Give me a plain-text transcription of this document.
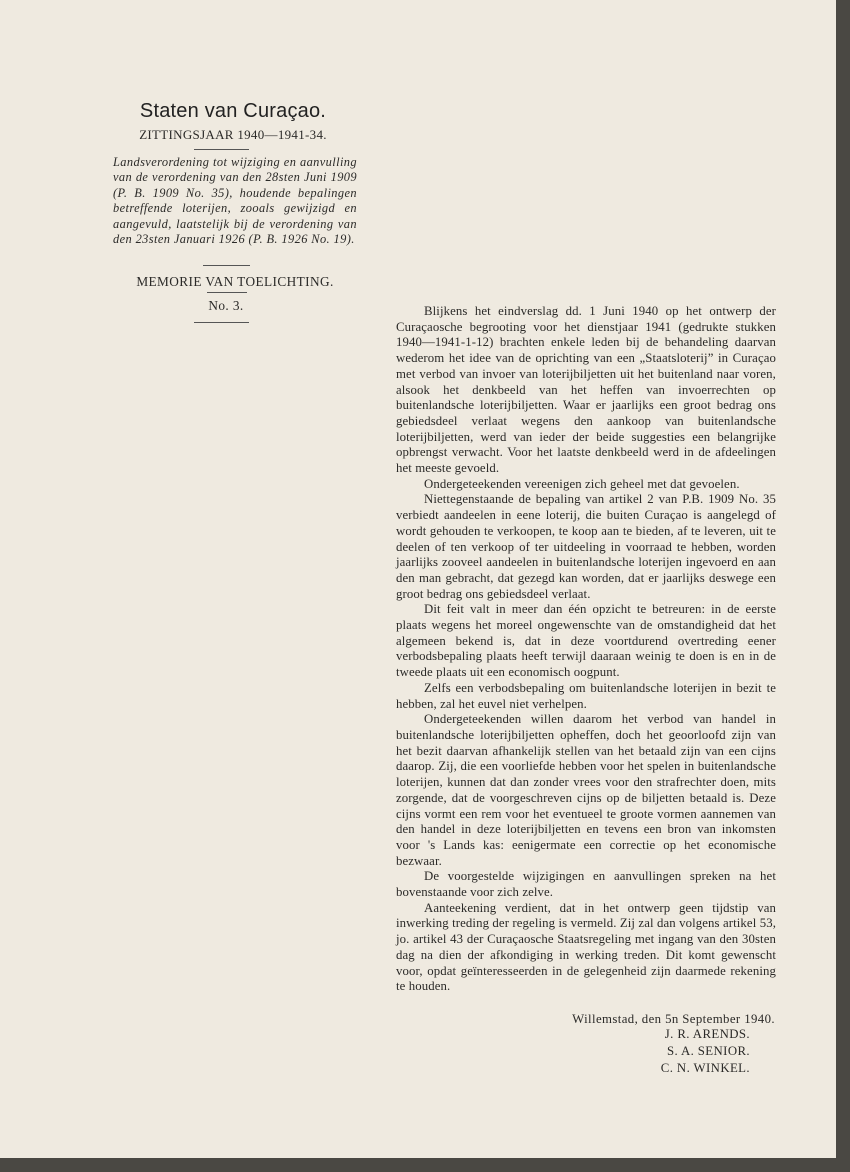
Staten van Curaçao.
ZITTINGSJAAR 1940—1941-34.

Landsverordening tot wijziging en aanvulling van de verordening van den 28sten Juni 1909 (P. B. 1909 No. 35), houdende bepalingen betreffende loterijen, zooals gewijzigd en aangevuld, laatstelijk bij de verordening van den 23sten Januari 1926 (P. B. 1926 No. 19).

MEMORIE VAN TOELICHTING.
No. 3.	Blijkens het eindverslag dd. 1 Juni 1940 op het ontwerp der Curaçaosche begrooting voor het dienstjaar 1941 (gedrukte stukken 1940—1941-1-12) brachten enkele leden bij de behandeling daarvan wederom het idee van de oprichting van een „Staatsloterij” in Curaçao met verbod van invoer van loterijbiljetten uit het buitenland naar voren, alsook het denkbeeld van het heffen van invoerrechten op buitenlandsche loterijbiljetten. Waar er jaarlijks een groot bedrag ons gebiedsdeel verlaat wegens den aankoop van buitenlandsche loterijbiljetten, werd van ieder der beide suggesties een belangrijke opbrengst verwacht. Voor het laatste denkbeeld werd in de afdeelingen het meeste gevoeld.

Ondergeteekenden vereenigen zich geheel met dat gevoelen.

Niettegenstaande de bepaling van artikel 2 van P.B. 1909 No. 35 verbiedt aandeelen in eene loterij, die buiten Curaçao is aangelegd of wordt gehouden te verkoopen, te koop aan te bieden, af te leveren, uit te deelen of ten verkoop of ter uitdeeling in voorraad te hebben, worden jaarlijks zooveel aandeelen in buitenlandsche loterijen ingevoerd en aan den man gebracht, dat gezegd kan worden, dat er jaarlijks deswege een groot bedrag ons gebiedsdeel verlaat.

Dit feit valt in meer dan één opzicht te betreuren: in de eerste plaats wegens het moreel ongewenschte van de omstandigheid dat het algemeen bekend is, dat in deze voortdurend overtreding eener verbodsbepaling plaats heeft terwijl daaraan weinig te doen is en in de tweede plaats uit een economisch oogpunt.

Zelfs een verbodsbepaling om buitenlandsche loterijen in bezit te hebben, zal het euvel niet verhelpen.

Ondergeteekenden willen daarom het verbod van handel in buitenlandsche loterijbiljetten opheffen, doch het geoorloofd zijn van het bezit daarvan afhankelijk stellen van het betaald zijn van een cijns daarop. Zij, die een voorliefde hebben voor het spelen in buitenlandsche loterijen, kunnen dat dan zonder vrees voor den strafrechter doen, mits zorgende, dat de voorgeschreven cijns op de biljetten betaald is. Deze cijns vormt een rem voor het eventueel te groote vormen aannemen van den handel in deze loterijbiljetten en tevens een bron van inkomsten voor 's Lands kas: eenigermate een correctie op het economische bezwaar.

De voorgestelde wijzigingen en aanvullingen spreken na het bovenstaande voor zich zelve.

Aanteekening verdient, dat in het ontwerp geen tijdstip van inwerking treding der regeling is vermeld. Zij zal dan volgens artikel 53, jo. artikel 43 der Curaçaosche Staatsregeling met ingang van den 30sten dag na dien der afkondiging in werking treden. Dit komt gewenscht voor, opdat geïnteresseerden in de gelegenheid zijn daarmede rekening te houden.

Willemstad, den 5n September 1940.
J. R. ARENDS.
S. A. SENIOR.
C. N. WINKEL.
